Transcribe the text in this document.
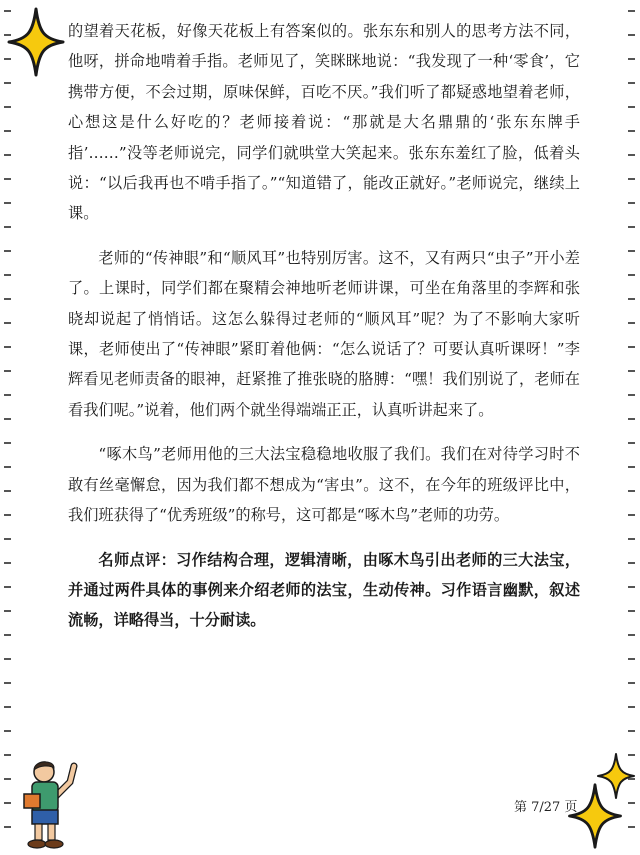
的望着天花板，好像天花板上有答案似的。张东东和别人的思考方法不同，他呀，拼命地啃着手指。老师见了，笑眯眯地说：“我发现了一种‘零食’，它携带方便，不会过期，原味保鲜，百吃不厌。”我们听了都疑惑地望着老师，心想这是什么好吃的？老师接着说：“那就是大名鼎鼎的‘张东东牌手指’……”没等老师说完，同学们就哄堂大笑起来。张东东羞红了脸，低着头说：“以后我再也不啃手指了。”“知道错了，能改正就好。”老师说完，继续上课。

老师的“传神眼”和“顺风耳”也特别厉害。这不，又有两只“虫子”开小差了。上课时，同学们都在聚精会神地听老师讲课，可坐在角落里的李辉和张晓却说起了悄悄话。这怎么躲得过老师的“顺风耳”呢？为了不影响大家听课，老师使出了“传神眼”紧盯着他俩：“怎么说话了？可要认真听课呀！”李辉看见老师责备的眼神，赶紧推了推张晓的胳膊：“嘿！我们别说了，老师在看我们呢。”说着，他们两个就坐得端端正正，认真听讲起来了。

“啄木鸟”老师用他的三大法宝稳稳地收服了我们。我们在对待学习时不敢有丝毫懈怠，因为我们都不想成为“害虫”。这不，在今年的班级评比中，我们班获得了“优秀班级”的称号，这可都是“啄木鸟”老师的功劳。

名师点评：习作结构合理，逻辑清晰，由啄木鸟引出老师的三大法宝，并通过两件具体的事例来介绍老师的法宝，生动传神。习作语言幽默，叙述流畅，详略得当，十分耐读。

第 7/27 页
